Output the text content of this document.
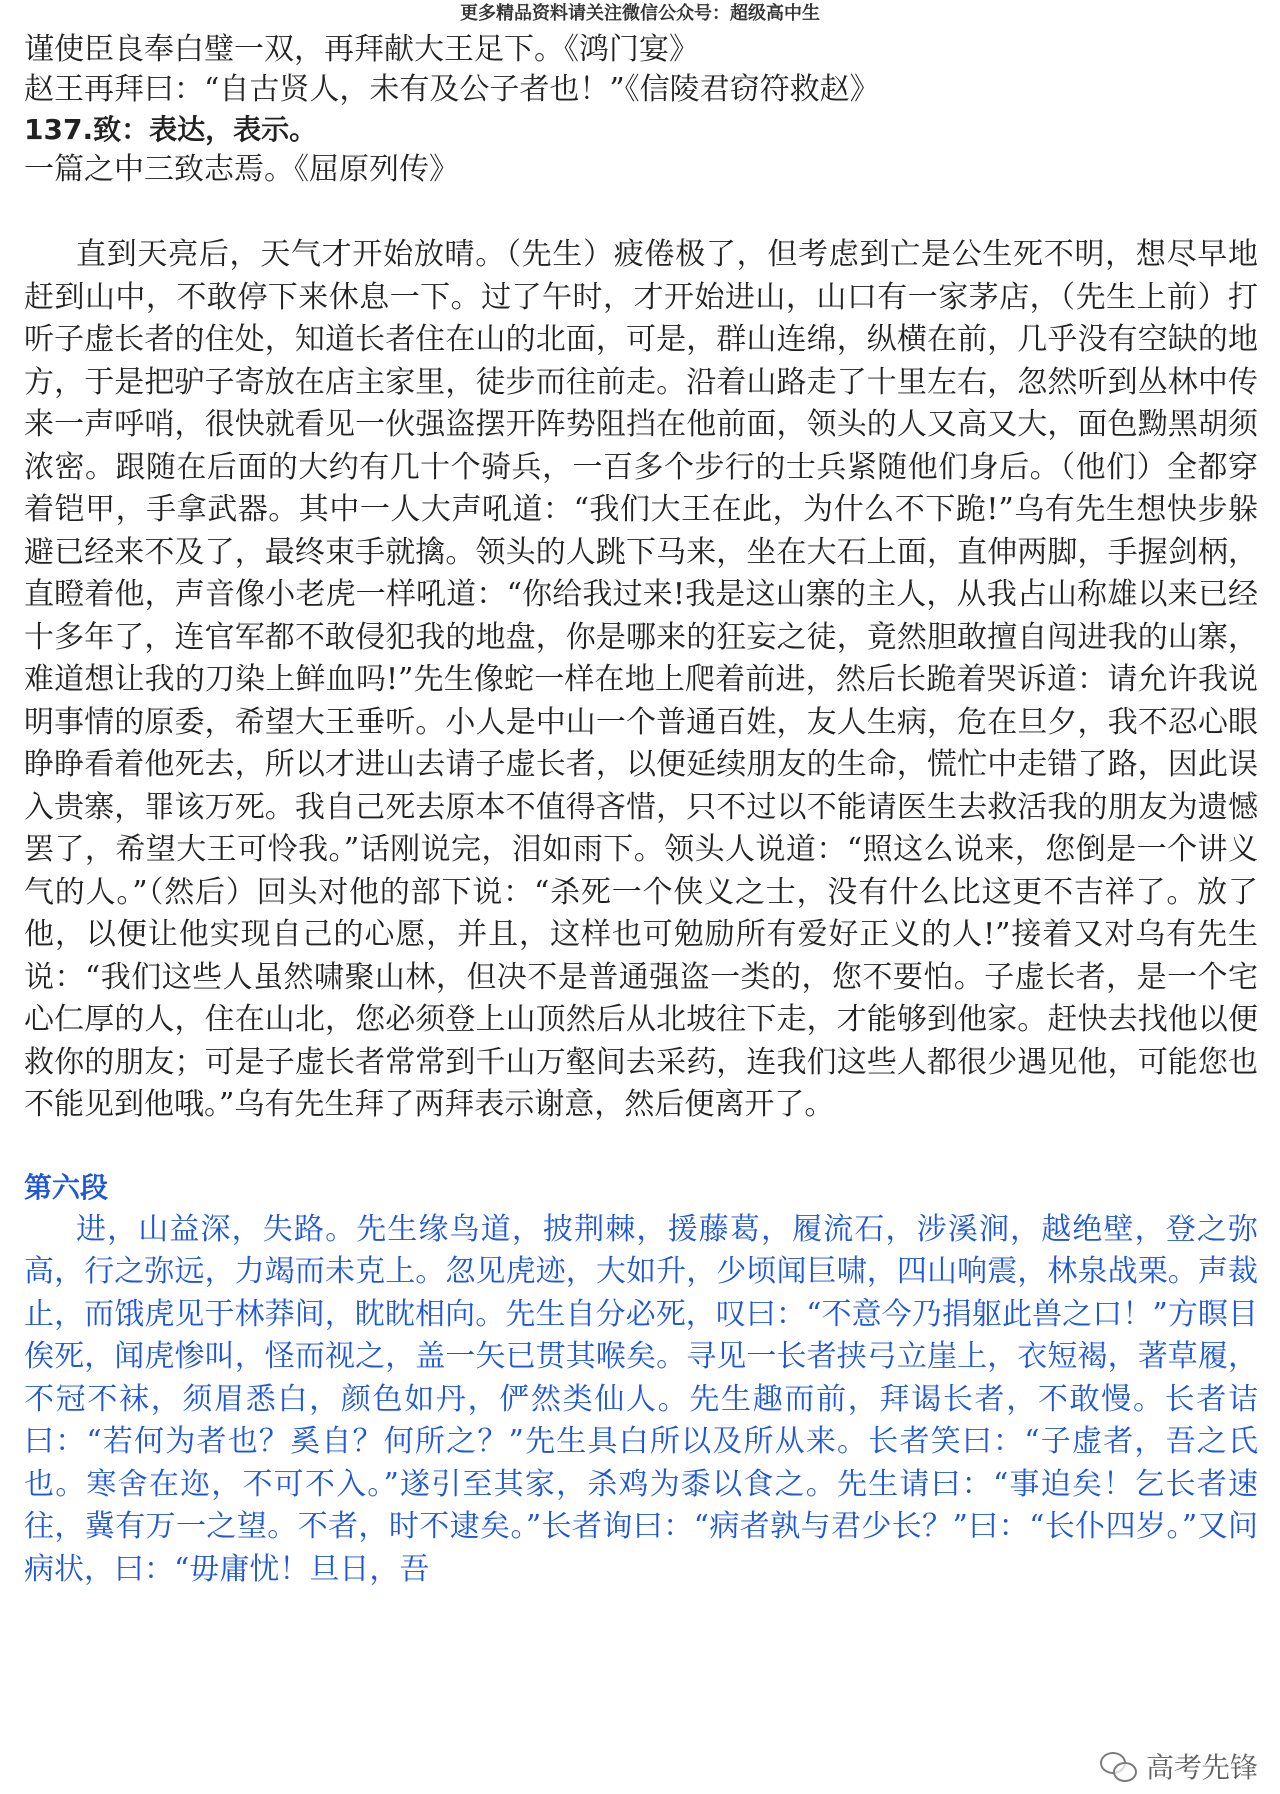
更多精品资料请关注微信公众号：超级高中生

谨使臣良奉白璧一双，再拜献大王足下。《鸿门宴》

赵王再拜曰：“自古贤人，未有及公子者也！”《信陵君窃符救赵》

137.致：表达，表示。

一篇之中三致志焉。《屈原列传》

直到天亮后，天气才开始放晴。（先生）疲倦极了，但考虑到亡是公生死不明，想尽早地赶到山中，不敢停下来休息一下。过了午时，才开始进山，山口有一家茅店，（先生上前）打听子虚长者的住处，知道长者住在山的北面，可是，群山连绵，纵横在前，几乎没有空缺的地方，于是把驴子寄放在店主家里，徒步而往前走。沿着山路走了十里左右，忽然听到丛林中传来一声呼哨，很快就看见一伙强盗摆开阵势阻挡在他前面，领头的人又高又大，面色黝黑胡须浓密。跟随在后面的大约有几十个骑兵，一百多个步行的士兵紧随他们身后。（他们）全都穿着铠甲，手拿武器。其中一人大声吼道：“我们大王在此，为什么不下跪!”乌有先生想快步躲避已经来不及了，最终束手就擒。领头的人跳下马来，坐在大石上面，直伸两脚，手握剑柄，直瞪着他，声音像小老虎一样吼道：“你给我过来!我是这山寨的主人，从我占山称雄以来已经十多年了，连官军都不敢侵犯我的地盘，你是哪来的狂妄之徒，竟然胆敢擅自闯进我的山寨，难道想让我的刀染上鲜血吗!”先生像蛇一样在地上爬着前进，然后长跪着哭诉道：请允许我说明事情的原委，希望大王垂听。小人是中山一个普通百姓，友人生病，危在旦夕，我不忍心眼睁睁看着他死去，所以才进山去请子虚长者，以便延续朋友的生命，慌忙中走错了路，因此误入贵寨，罪该万死。我自己死去原本不值得吝惜，只不过以不能请医生去救活我的朋友为遗憾罢了，希望大王可怜我。”话刚说完，泪如雨下。领头人说道：“照这么说来，您倒是一个讲义气的人。”（然后）回头对他的部下说：“杀死一个侠义之士，没有什么比这更不吉祥了。放了他，以便让他实现自己的心愿，并且，这样也可勉励所有爱好正义的人!”接着又对乌有先生说：“我们这些人虽然啸聚山林，但决不是普通强盗一类的，您不要怕。子虚长者，是一个宅心仁厚的人，住在山北，您必须登上山顶然后从北坡往下走，才能够到他家。赶快去找他以便救你的朋友；可是子虚长者常常到千山万壑间去采药，连我们这些人都很少遇见他，可能您也不能见到他哦。”乌有先生拜了两拜表示谢意，然后便离开了。

第六段

进，山益深，失路。先生缘鸟道，披荆棘，援藤葛，履流石，涉溪涧，越绝壁，登之弥高，行之弥远，力竭而未克上。忽见虎迹，大如升，少顷闻巨啸，四山响震，林泉战栗。声裁止，而饿虎见于林莽间，眈眈相向。先生自分必死，叹曰：“不意今乃捐躯此兽之口！”方瞑目俟死，闻虎惨叫，怪而视之，盖一矢已贯其喉矣。寻见一长者挟弓立崖上，衣短褐，著草履，不冠不袜，须眉悉白，颜色如丹，俨然类仙人。先生趣而前，拜谒长者，不敢慢。长者诘曰：“若何为者也？奚自？何所之？”先生具白所以及所从来。长者笑曰：“子虚者，吾之氏也。寒舍在迩，不可不入。”遂引至其家，杀鸡为黍以食之。先生请曰：“事迫矣！乞长者速往，冀有万一之望。不者，时不逮矣。”长者询曰：“病者孰与君少长？”曰：“长仆四岁。”又问病状，曰：“毋庸忧！旦日，吾

高考先锋
